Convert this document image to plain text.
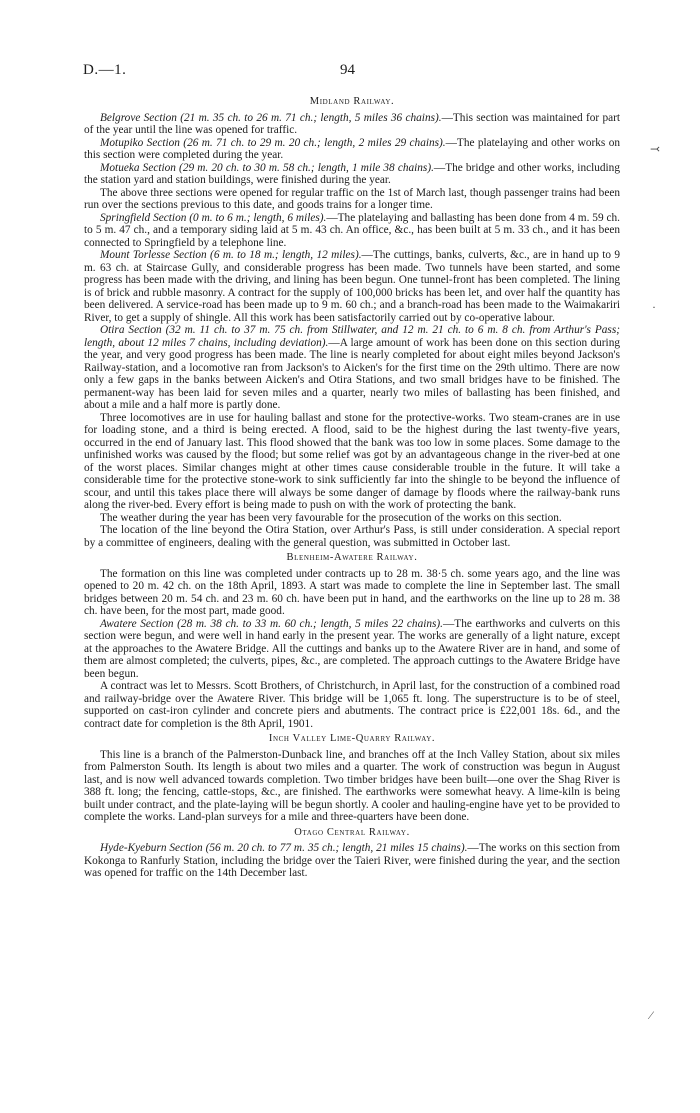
D.—1.	94
⤙
·
⁄
Midland Railway.

Belgrove Section (21 m. 35 ch. to 26 m. 71 ch.; length, 5 miles 36 chains).—This section was maintained for part of the year until the line was opened for traffic.

Motupiko Section (26 m. 71 ch. to 29 m. 20 ch.; length, 2 miles 29 chains).—The platelaying and other works on this section were completed during the year.

Motueka Section (29 m. 20 ch. to 30 m. 58 ch.; length, 1 mile 38 chains).—The bridge and other works, including the station yard and station buildings, were finished during the year.

The above three sections were opened for regular traffic on the 1st of March last, though passenger trains had been run over the sections previous to this date, and goods trains for a longer time.

Springfield Section (0 m. to 6 m.; length, 6 miles).—The platelaying and ballasting has been done from 4 m. 59 ch. to 5 m. 47 ch., and a temporary siding laid at 5 m. 43 ch. An office, &c., has been built at 5 m. 33 ch., and it has been connected to Springfield by a telephone line.

Mount Torlesse Section (6 m. to 18 m.; length, 12 miles).—The cuttings, banks, culverts, &c., are in hand up to 9 m. 63 ch. at Staircase Gully, and considerable progress has been made. Two tunnels have been started, and some progress has been made with the driving, and lining has been begun. One tunnel-front has been completed. The lining is of brick and rubble masonry. A contract for the supply of 100,000 bricks has been let, and over half the quantity has been delivered. A service-road has been made up to 9 m. 60 ch.; and a branch-road has been made to the Waimakariri River, to get a supply of shingle. All this work has been satisfactorily carried out by co-operative labour.

Otira Section (32 m. 11 ch. to 37 m. 75 ch. from Stillwater, and 12 m. 21 ch. to 6 m. 8 ch. from Arthur's Pass; length, about 12 miles 7 chains, including deviation).—A large amount of work has been done on this section during the year, and very good progress has been made. The line is nearly completed for about eight miles beyond Jackson's Railway-station, and a locomotive ran from Jackson's to Aicken's for the first time on the 29th ultimo. There are now only a few gaps in the banks between Aicken's and Otira Stations, and two small bridges have to be finished. The permanent-way has been laid for seven miles and a quarter, nearly two miles of ballasting has been finished, and about a mile and a half more is partly done.

Three locomotives are in use for hauling ballast and stone for the protective-works. Two steam-cranes are in use for loading stone, and a third is being erected. A flood, said to be the highest during the last twenty-five years, occurred in the end of January last. This flood showed that the bank was too low in some places. Some damage to the unfinished works was caused by the flood; but some relief was got by an advantageous change in the river-bed at one of the worst places. Similar changes might at other times cause considerable trouble in the future. It will take a considerable time for the protective stone-work to sink sufficiently far into the shingle to be beyond the influence of scour, and until this takes place there will always be some danger of damage by floods where the railway-bank runs along the river-bed. Every effort is being made to push on with the work of protecting the bank.

The weather during the year has been very favourable for the prosecution of the works on this section.

The location of the line beyond the Otira Station, over Arthur's Pass, is still under consideration. A special report by a committee of engineers, dealing with the general question, was submitted in October last.

Blenheim-Awatere Railway.

The formation on this line was completed under contracts up to 28 m. 38·5 ch. some years ago, and the line was opened to 20 m. 42 ch. on the 18th April, 1893. A start was made to complete the line in September last. The small bridges between 20 m. 54 ch. and 23 m. 60 ch. have been put in hand, and the earthworks on the line up to 28 m. 38 ch. have been, for the most part, made good.

Awatere Section (28 m. 38 ch. to 33 m. 60 ch.; length, 5 miles 22 chains).—The earthworks and culverts on this section were begun, and were well in hand early in the present year. The works are generally of a light nature, except at the approaches to the Awatere Bridge. All the cuttings and banks up to the Awatere River are in hand, and some of them are almost completed; the culverts, pipes, &c., are completed. The approach cuttings to the Awatere Bridge have been begun.

A contract was let to Messrs. Scott Brothers, of Christchurch, in April last, for the construction of a combined road and railway-bridge over the Awatere River. This bridge will be 1,065 ft. long. The superstructure is to be of steel, supported on cast-iron cylinder and concrete piers and abutments. The contract price is £22,001 18s. 6d., and the contract date for completion is the 8th April, 1901.

Inch Valley Lime-Quarry Railway.

This line is a branch of the Palmerston-Dunback line, and branches off at the Inch Valley Station, about six miles from Palmerston South. Its length is about two miles and a quarter. The work of construction was begun in August last, and is now well advanced towards completion. Two timber bridges have been built—one over the Shag River is 388 ft. long; the fencing, cattle-stops, &c., are finished. The earthworks were somewhat heavy. A lime-kiln is being built under contract, and the plate-laying will be begun shortly. A cooler and hauling-engine have yet to be provided to complete the works. Land-plan surveys for a mile and three-quarters have been done.

Otago Central Railway.

Hyde-Kyeburn Section (56 m. 20 ch. to 77 m. 35 ch.; length, 21 miles 15 chains).—The works on this section from Kokonga to Ranfurly Station, including the bridge over the Taieri River, were finished during the year, and the section was opened for traffic on the 14th December last.
